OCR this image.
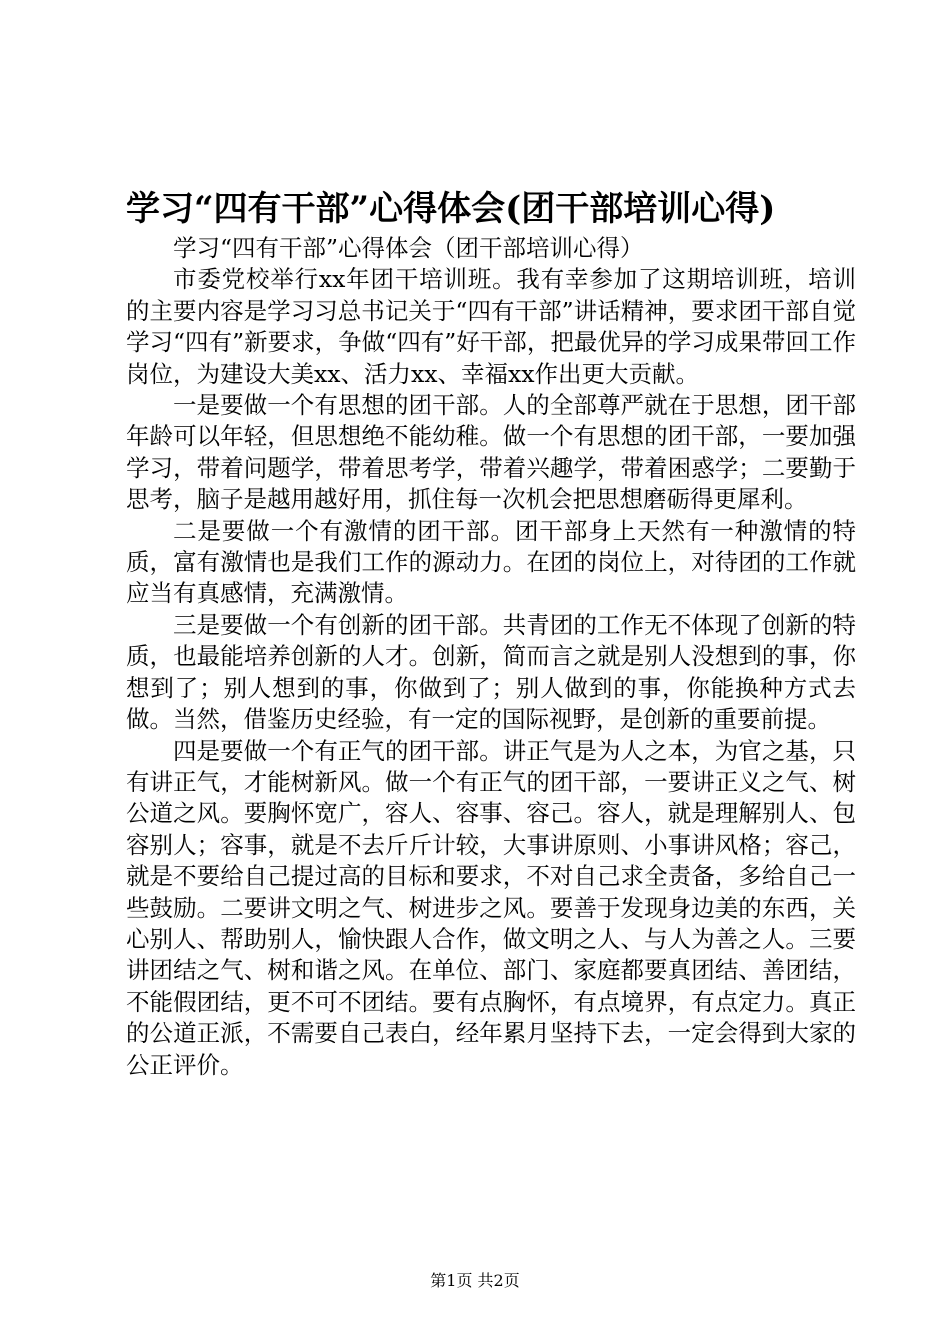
学习“四有干部”心得体会(团干部培训心得)

学习“四有干部”心得体会（团干部培训心得）

市委党校举行xx年团干培训班。我有幸参加了这期培训班，培训的主要内容是学习习总书记关于“四有干部”讲话精神，要求团干部自觉学习“四有”新要求，争做“四有”好干部，把最优异的学习成果带回工作岗位，为建设大美xx、活力xx、幸福xx作出更大贡献。

一是要做一个有思想的团干部。人的全部尊严就在于思想，团干部年龄可以年轻，但思想绝不能幼稚。做一个有思想的团干部，一要加强学习，带着问题学，带着思考学，带着兴趣学，带着困惑学；二要勤于思考，脑子是越用越好用，抓住每一次机会把思想磨砺得更犀利。

二是要做一个有激情的团干部。团干部身上天然有一种激情的特质，富有激情也是我们工作的源动力。在团的岗位上，对待团的工作就应当有真感情，充满激情。

三是要做一个有创新的团干部。共青团的工作无不体现了创新的特质，也最能培养创新的人才。创新，简而言之就是别人没想到的事，你想到了；别人想到的事，你做到了；别人做到的事，你能换种方式去做。当然，借鉴历史经验，有一定的国际视野，是创新的重要前提。

四是要做一个有正气的团干部。讲正气是为人之本，为官之基，只有讲正气，才能树新风。做一个有正气的团干部，一要讲正义之气、树公道之风。要胸怀宽广，容人、容事、容己。容人，就是理解别人、包容别人；容事，就是不去斤斤计较，大事讲原则、小事讲风格；容己，就是不要给自己提过高的目标和要求，不对自己求全责备，多给自己一些鼓励。二要讲文明之气、树进步之风。要善于发现身边美的东西，关心别人、帮助别人，愉快跟人合作，做文明之人、与人为善之人。三要讲团结之气、树和谐之风。在单位、部门、家庭都要真团结、善团结，不能假团结，更不可不团结。要有点胸怀，有点境界，有点定力。真正的公道正派，不需要自己表白，经年累月坚持下去，一定会得到大家的公正评价。

第1页 共2页
